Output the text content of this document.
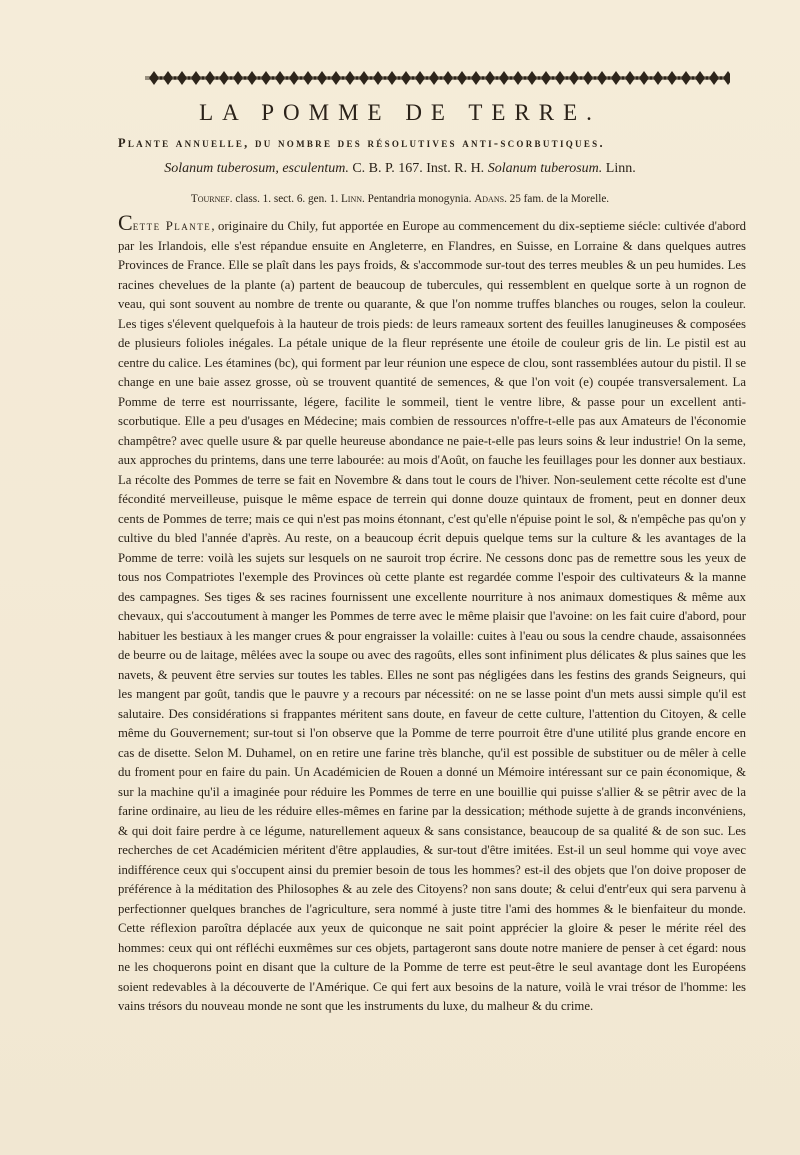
LA POMME DE TERRE.
Plante annuelle, du nombre des résolutives anti-scorbutiques.
Solanum tuberosum, esculentum. C. B. P. 167. Inst. R. H. Solanum tuberosum. Linn.
Tournef. class. 1. sect. 6. gen. 1. Linn. Pentandria monogynia. Adans. 25 fam. de la Morelle.

Cette Plante, originaire du Chily, fut apportée en Europe au commencement du dix-septieme siécle: cultivée d'abord par les Irlandois, elle s'est répandue ensuite en Angleterre, en Flandres, en Suisse, en Lorraine & dans quelques autres Provinces de France. Elle se plaît dans les pays froids, & s'accommode sur-tout des terres meubles & un peu humides. Les racines chevelues de la plante (a) partent de beaucoup de tubercules, qui ressemblent en quelque sorte à un rognon de veau, qui sont souvent au nombre de trente ou quarante, & que l'on nomme truffes blanches ou rouges, selon la couleur. Les tiges s'élevent quelquefois à la hauteur de trois pieds: de leurs rameaux sortent des feuilles lanugineuses & composées de plusieurs folioles inégales. La pétale unique de la fleur représente une étoile de couleur gris de lin. Le pistil est au centre du calice. Les étamines (bc), qui forment par leur réunion une espece de clou, sont rassemblées autour du pistil. Il se change en une baie assez grosse, où se trouvent quantité de semences, & que l'on voit (e) coupée transversalement. La Pomme de terre est nourrissante, légere, facilite le sommeil, tient le ventre libre, & passe pour un excellent anti-scorbutique. Elle a peu d'usages en Médecine; mais combien de ressources n'offre-t-elle pas aux Amateurs de l'économie champêtre? avec quelle usure & par quelle heureuse abondance ne paie-t-elle pas leurs soins & leur industrie! On la seme, aux approches du printems, dans une terre labourée: au mois d'Août, on fauche les feuillages pour les donner aux bestiaux. La récolte des Pommes de terre se fait en Novembre & dans tout le cours de l'hiver. Non-seulement cette récolte est d'une fécondité merveilleuse, puisque le même espace de terrein qui donne douze quintaux de froment, peut en donner deux cents de Pommes de terre; mais ce qui n'est pas moins étonnant, c'est qu'elle n'épuise point le sol, & n'empêche pas qu'on y cultive du bled l'année d'après. Au reste, on a beaucoup écrit depuis quelque tems sur la culture & les avantages de la Pomme de terre: voilà les sujets sur lesquels on ne sauroit trop écrire. Ne cessons donc pas de remettre sous les yeux de tous nos Compatriotes l'exemple des Provinces où cette plante est regardée comme l'espoir des cultivateurs & la manne des campagnes. Ses tiges & ses racines fournissent une excellente nourriture à nos animaux domestiques & même aux chevaux, qui s'accoutument à manger les Pommes de terre avec le même plaisir que l'avoine: on les fait cuire d'abord, pour habituer les bestiaux à les manger crues & pour engraisser la volaille: cuites à l'eau ou sous la cendre chaude, assaisonnées de beurre ou de laitage, mêlées avec la soupe ou avec des ragoûts, elles sont infiniment plus délicates & plus saines que les navets, & peuvent être servies sur toutes les tables. Elles ne sont pas négligées dans les festins des grands Seigneurs, qui les mangent par goût, tandis que le pauvre y a recours par nécessité: on ne se lasse point d'un mets aussi simple qu'il est salutaire. Des considérations si frappantes méritent sans doute, en faveur de cette culture, l'attention du Citoyen, & celle même du Gouvernement; sur-tout si l'on observe que la Pomme de terre pourroit être d'une utilité plus grande encore en cas de disette. Selon M. Duhamel, on en retire une farine très blanche, qu'il est possible de substituer ou de mêler à celle du froment pour en faire du pain. Un Académicien de Rouen a donné un Mémoire intéressant sur ce pain économique, & sur la machine qu'il a imaginée pour réduire les Pommes de terre en une bouillie qui puisse s'allier & se pêtrir avec de la farine ordinaire, au lieu de les réduire elles-mêmes en farine par la dessication; méthode sujette à de grands inconvéniens, & qui doit faire perdre à ce légume, naturellement aqueux & sans consistance, beaucoup de sa qualité & de son suc. Les recherches de cet Académicien méritent d'être applaudies, & sur-tout d'être imitées. Est-il un seul homme qui voye avec indifférence ceux qui s'occupent ainsi du premier besoin de tous les hommes? est-il des objets que l'on doive proposer de préférence à la méditation des Philosophes & au zele des Citoyens? non sans doute; & celui d'entr'eux qui sera parvenu à perfectionner quelques branches de l'agriculture, sera nommé à juste titre l'ami des hommes & le bienfaiteur du monde. Cette réflexion paroîtra déplacée aux yeux de quiconque ne sait point apprécier la gloire & peser le mérite réel des hommes: ceux qui ont réfléchi euxmêmes sur ces objets, partageront sans doute notre maniere de penser à cet égard: nous ne les choquerons point en disant que la culture de la Pomme de terre est peut-être le seul avantage dont les Européens soient redevables à la découverte de l'Amérique. Ce qui fert aux besoins de la nature, voilà le vrai trésor de l'homme: les vains trésors du nouveau monde ne sont que les instruments du luxe, du malheur & du crime.
